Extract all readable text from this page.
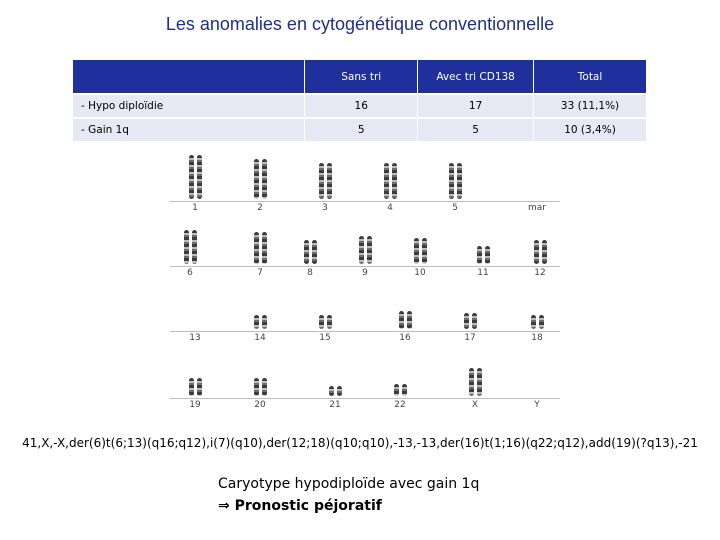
Les anomalies en cytogénétique conventionnelle
	Sans tri	Avec tri CD138	Total
- Hypo diploïdie	16	17	33 (11,1%)
- Gain 1q	5	5	10 (3,4%)
1	2	3	4	5	mar
6	7	8	9	10	11	12
13	14	15	16	17	18
19	20	21	22	X	Y
41,X,-X,der(6)t(6;13)(q16;q12),i(7)(q10),der(12;18)(q10;q10),-13,-13,der(16)t(1;16)(q22;q12),add(19)(?q13),-21
Caryotype hypodiploïde avec gain 1q
⇒ Pronostic péjoratif
